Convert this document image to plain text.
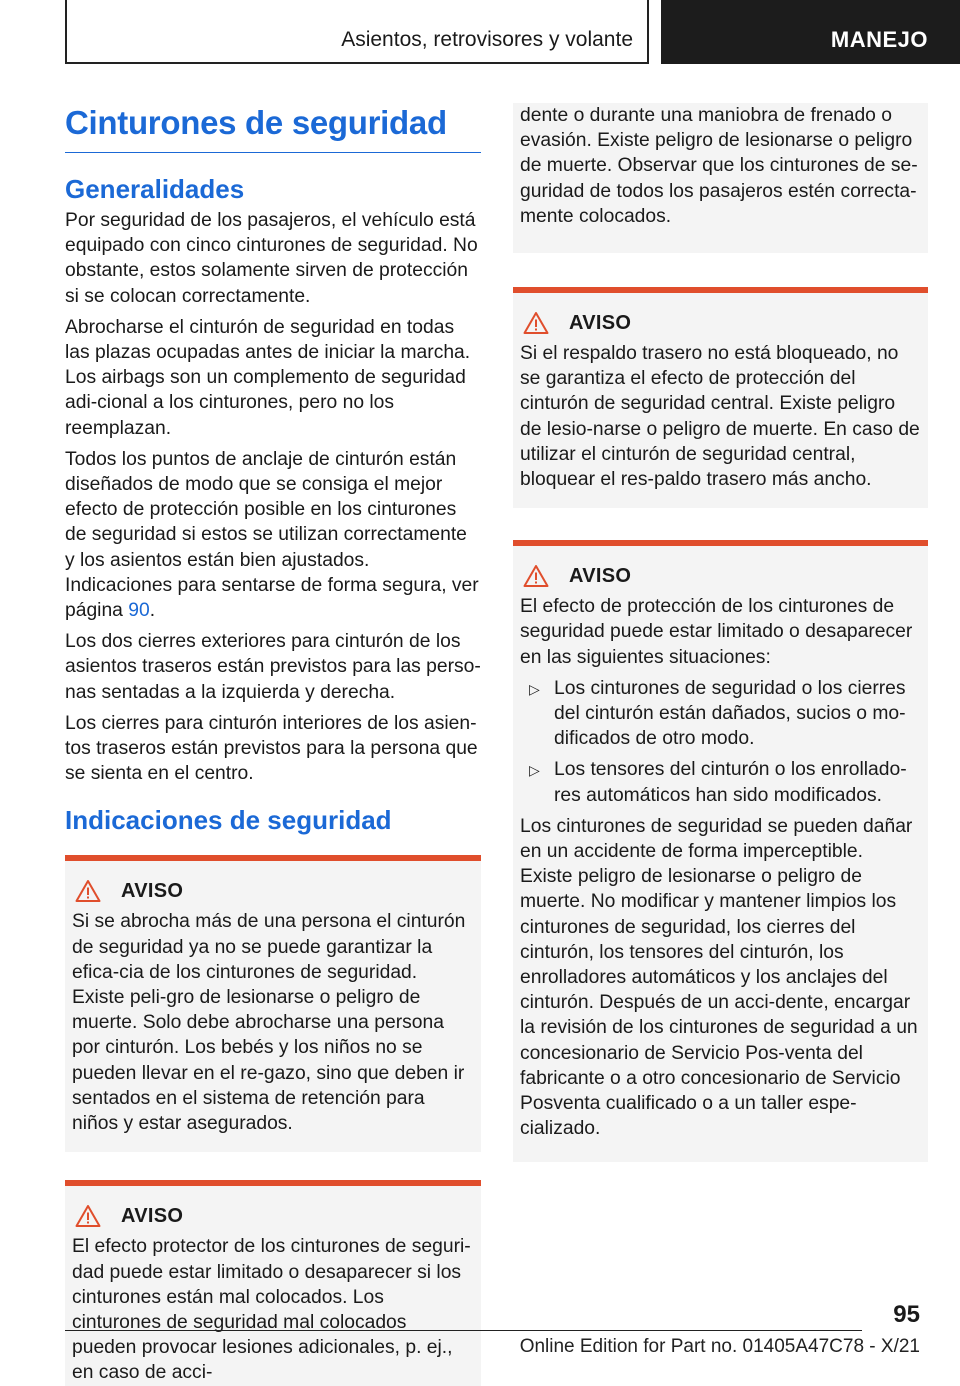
Asientos, retrovisores y volante	MANEJO
Cinturones de seguridad
Generalidades

Por seguridad de los pasajeros, el vehículo está equipado con cinco cinturones de seguridad. No obstante, estos solamente sirven de protección si se colocan correctamente.

Abrocharse el cinturón de seguridad en todas las plazas ocupadas antes de iniciar la marcha. Los airbags son un complemento de seguridad adi‐cional a los cinturones, pero no los reemplazan.

Todos los puntos de anclaje de cinturón están diseñados de modo que se consiga el mejor efecto de protección posible en los cinturones de seguridad si estos se utilizan correctamente y los asientos están bien ajustados. Indicaciones para sentarse de forma segura, ver página 90.

Los dos cierres exteriores para cinturón de los asientos traseros están previstos para las perso‐nas sentadas a la izquierda y derecha.

Los cierres para cinturón interiores de los asien‐tos traseros están previstos para la persona que se sienta en el centro.

Indicaciones de seguridad
AVISO

Si se abrocha más de una persona el cinturón de seguridad ya no se puede garantizar la efica‐cia de los cinturones de seguridad. Existe peli‐gro de lesionarse o peligro de muerte. Solo debe abrocharse una persona por cinturón. Los bebés y los niños no se pueden llevar en el re‐gazo, sino que deben ir sentados en el sistema de retención para niños y estar asegurados.

AVISO

El efecto protector de los cinturones de seguri‐dad puede estar limitado o desaparecer si los cinturones están mal colocados. Los cinturones de seguridad mal colocados pueden provocar lesiones adicionales, p. ej., en caso de acci‐

dente o durante una maniobra de frenado o evasión. Existe peligro de lesionarse o peligro de muerte. Observar que los cinturones de se‐guridad de todos los pasajeros estén correcta‐mente colocados.

AVISO

Si el respaldo trasero no está bloqueado, no se garantiza el efecto de protección del cinturón de seguridad central. Existe peligro de lesio‐narse o peligro de muerte. En caso de utilizar el cinturón de seguridad central, bloquear el res‐paldo trasero más ancho.

AVISO

El efecto de protección de los cinturones de seguridad puede estar limitado o desaparecer en las siguientes situaciones:

▷ Los cinturones de seguridad o los cierres del cinturón están dañados, sucios o mo‐dificados de otro modo.
▷ Los tensores del cinturón o los enrollado‐res automáticos han sido modificados.

Los cinturones de seguridad se pueden dañar en un accidente de forma imperceptible. Existe peligro de lesionarse o peligro de muerte. No modificar y mantener limpios los cinturones de seguridad, los cierres del cinturón, los tensores del cinturón, los enrolladores automáticos y los anclajes del cinturón. Después de un acci‐dente, encargar la revisión de los cinturones de seguridad a un concesionario de Servicio Pos‐venta del fabricante o a otro concesionario de Servicio Posventa cualificado o a un taller espe‐cializado.

95
Online Edition for Part no. 01405A47C78 - X/21
